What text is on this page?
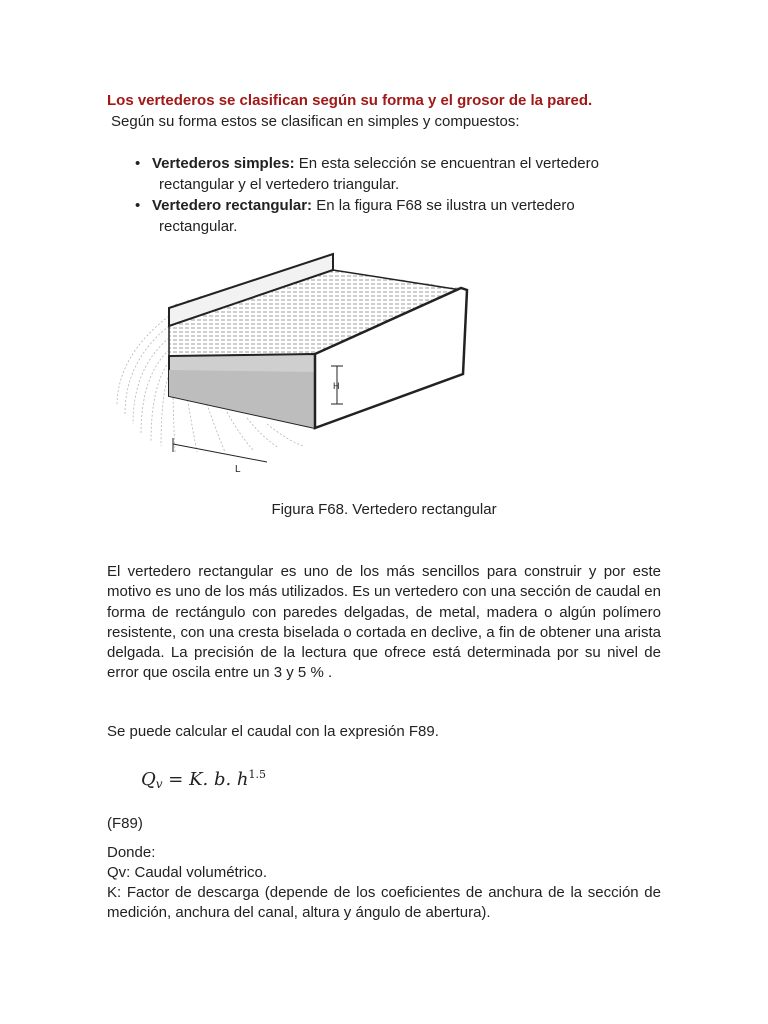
Los vertederos se clasifican según su forma y el grosor de la pared.
Según su forma estos se clasifican en simples y compuestos:
• Vertederos simples: En esta selección se encuentran el vertedero
rectangular y el vertedero triangular.
• Vertedero rectangular: En la figura F68 se ilustra un vertedero
rectangular.
H
L
Figura F68. Vertedero rectangular
El vertedero rectangular es uno de los más sencillos para construir y por este motivo es uno de los más utilizados. Es un vertedero con una sección de caudal en forma de rectángulo con paredes delgadas, de metal, madera o algún polímero resistente, con una cresta biselada o cortada en declive, a fin de obtener una arista delgada. La precisión de la lectura que ofrece está determinada por su nivel de error que oscila entre un 3 y 5 % .
Se puede calcular el caudal con la expresión F89.
$Q_v = K$. b. $h^{1.5}$
(F89)
Donde:
Qv: Caudal volumétrico.
K: Factor de descarga (depende de los coeficientes de anchura de la sección de medición, anchura del canal, altura y ángulo de abertura).
